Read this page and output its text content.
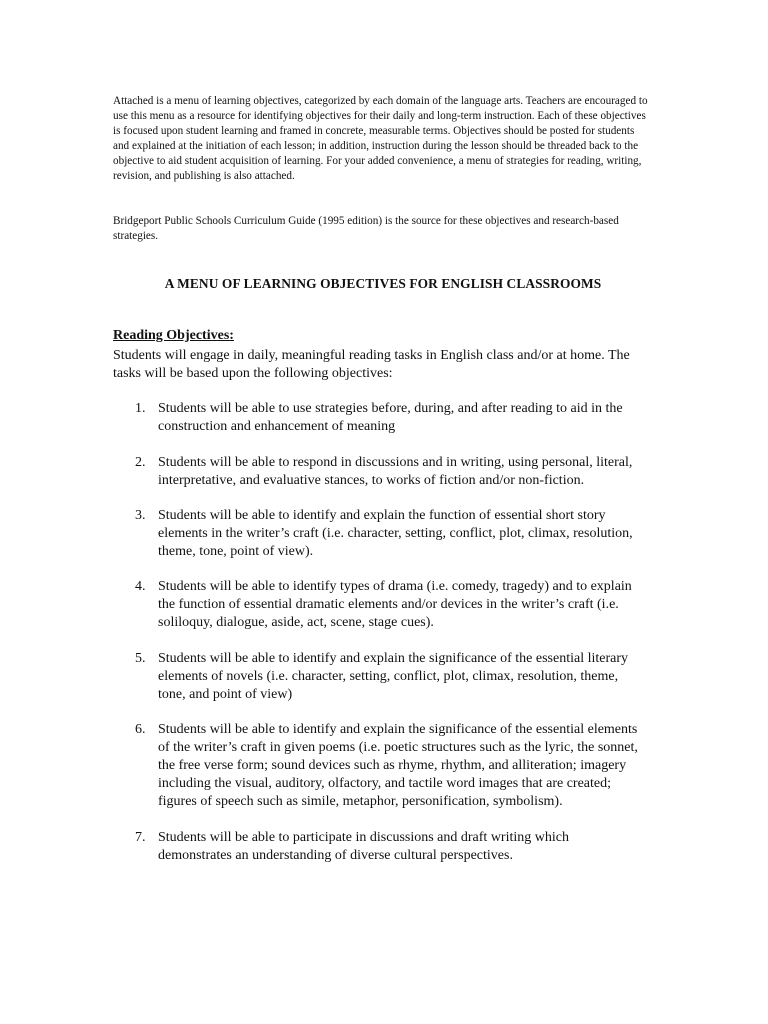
Attached is a menu of learning objectives, categorized by each domain of the language arts. Teachers are encouraged to use this menu as a resource for identifying objectives for their daily and long-term instruction. Each of these objectives is focused upon student learning and framed in concrete, measurable terms. Objectives should be posted for students and explained at the initiation of each lesson; in addition, instruction during the lesson should be threaded back to the objective to aid student acquisition of learning. For your added convenience, a menu of strategies for reading, writing, revision, and publishing is also attached.

Bridgeport Public Schools Curriculum Guide (1995 edition) is the source for these objectives and research-based strategies.

A MENU OF LEARNING OBJECTIVES FOR ENGLISH CLASSROOMS
Reading Objectives:

Students will engage in daily, meaningful reading tasks in English class and/or at home. The tasks will be based upon the following objectives:

1. Students will be able to use strategies before, during, and after reading to aid in the construction and enhancement of meaning
2. Students will be able to respond in discussions and in writing, using personal, literal, interpretative, and evaluative stances, to works of fiction and/or non-fiction.
3. Students will be able to identify and explain the function of essential short story elements in the writer’s craft (i.e. character, setting, conflict, plot, climax, resolution, theme, tone, point of view).
4. Students will be able to identify types of drama (i.e. comedy, tragedy) and to explain the function of essential dramatic elements and/or devices in the writer’s craft (i.e. soliloquy, dialogue, aside, act, scene, stage cues).
5. Students will be able to identify and explain the significance of the essential literary elements of novels (i.e. character, setting, conflict, plot, climax, resolution, theme, tone, and point of view)
6. Students will be able to identify and explain the significance of the essential elements of the writer’s craft in given poems (i.e. poetic structures such as the lyric, the sonnet, the free verse form; sound devices such as rhyme, rhythm, and alliteration; imagery including the visual, auditory, olfactory, and tactile word images that are created; figures of speech such as simile, metaphor, personification, symbolism).
7. Students will be able to participate in discussions and draft writing which demonstrates an understanding of diverse cultural perspectives.
